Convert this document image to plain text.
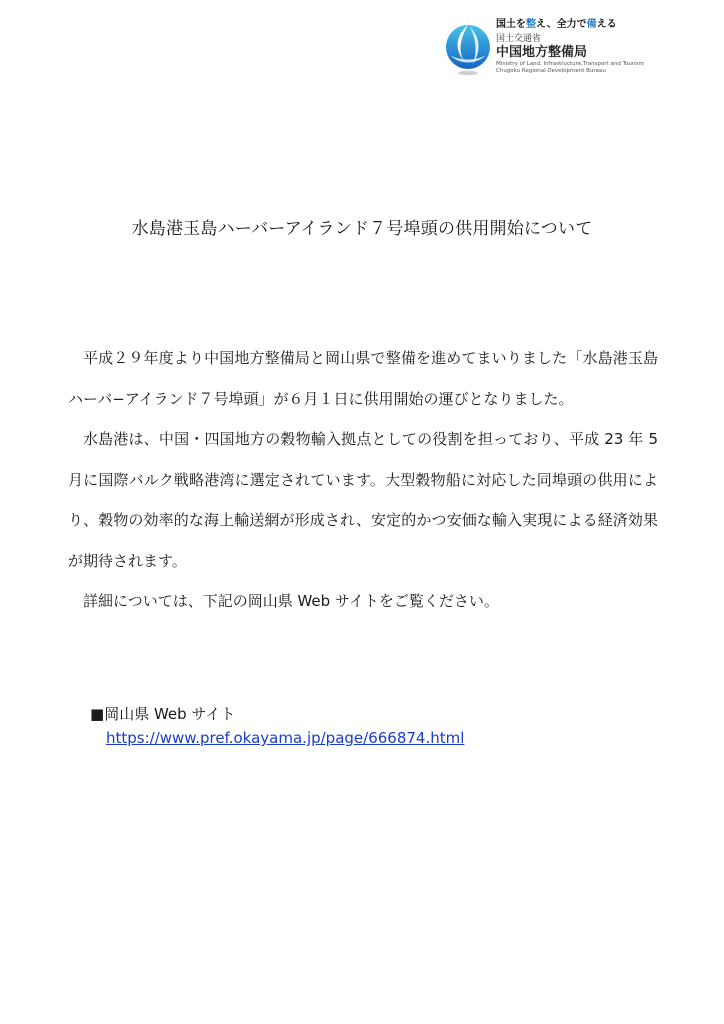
国土を整え、全力で備える
国土交通省
中国地方整備局
Ministry of Land, Infrastructure,Transport and Tourism
Chugoku Regional Development Bureau
水島港玉島ハーバーアイランド７号埠頭の供用開始について

平成２９年度より中国地方整備局と岡山県で整備を進めてまいりました「水島港玉島ハーバ−アイランド７号埠頭」が６月１日に供用開始の運びとなりました。

水島港は、中国・四国地方の穀物輸入拠点としての役割を担っており、平成 23 年 5 月に国際バルク戦略港湾に選定されています。大型穀物船に対応した同埠頭の供用により、穀物の効率的な海上輸送網が形成され、安定的かつ安価な輸入実現による経済効果が期待されます。

詳細については、下記の岡山県 Web サイトをご覧ください。

■岡山県 Web サイト
https://www.pref.okayama.jp/page/666874.html
